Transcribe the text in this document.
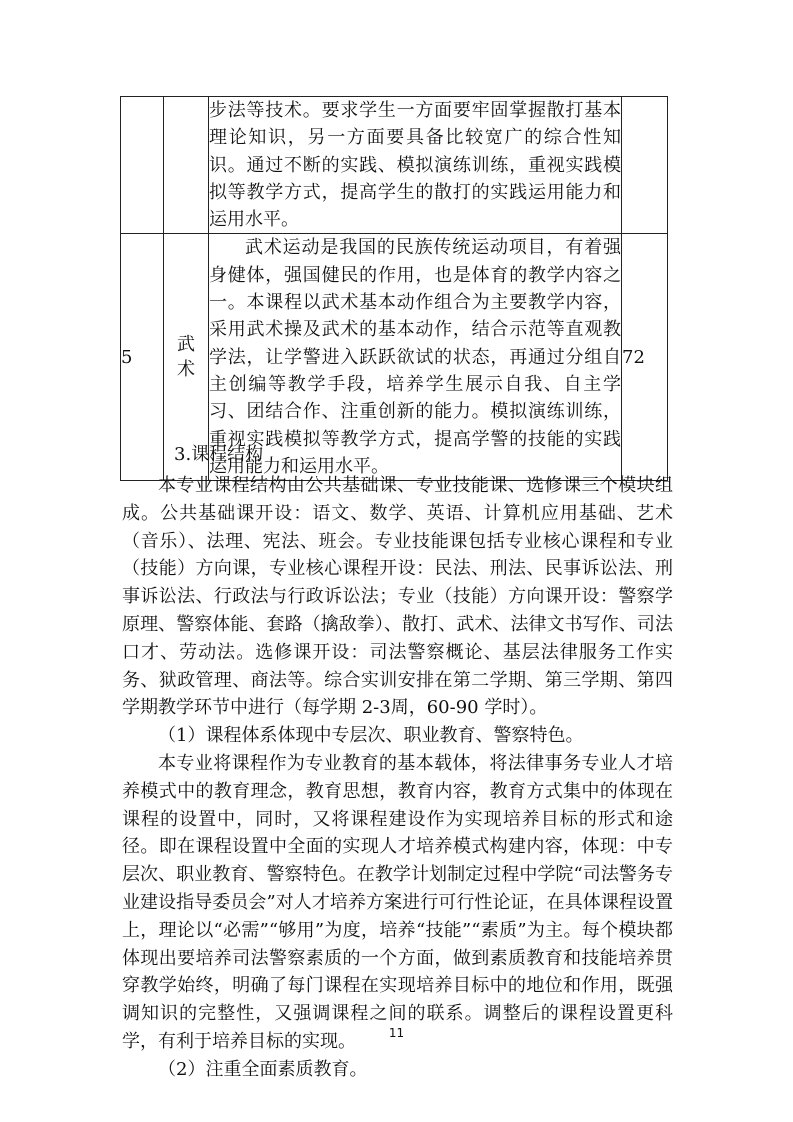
		步法等技术。要求学生一方面要牢固掌握散打基本理论知识，另一方面要具备比较宽广的综合性知识。通过不断的实践、模拟演练训练，重视实践模拟等教学方式，提高学生的散打的实践运用能力和运用水平。	

5	武术	武术运动是我国的民族传统运动项目，有着强身健体，强国健民的作用，也是体育的教学内容之一。本课程以武术基本动作组合为主要教学内容，采用武术操及武术的基本动作，结合示范等直观教学法，让学警进入跃跃欲试的状态，再通过分组自主创编等教学手段，培养学生展示自我、自主学习、团结合作、注重创新的能力。模拟演练训练，重视实践模拟等教学方式，提高学警的技能的实践运用能力和运用水平。	72
3.课程结构

本专业课程结构由公共基础课、专业技能课、选修课三个模块组成。公共基础课开设：语文、数学、英语、计算机应用基础、艺术（音乐）、法理、宪法、班会。专业技能课包括专业核心课程和专业（技能）方向课，专业核心课程开设：民法、刑法、民事诉讼法、刑事诉讼法、行政法与行政诉讼法；专业（技能）方向课开设：警察学原理、警察体能、套路（擒敌拳）、散打、武术、法律文书写作、司法口才、劳动法。选修课开设：司法警察概论、基层法律服务工作实务、狱政管理、商法等。综合实训安排在第二学期、第三学期、第四学期教学环节中进行（每学期 2-3周，60-90 学时）。

（1）课程体系体现中专层次、职业教育、警察特色。

本专业将课程作为专业教育的基本载体，将法律事务专业人才培养模式中的教育理念，教育思想，教育内容，教育方式集中的体现在课程的设置中，同时，又将课程建设作为实现培养目标的形式和途径。即在课程设置中全面的实现人才培养模式构建内容，体现：中专层次、职业教育、警察特色。在教学计划制定过程中学院“司法警务专业建设指导委员会”对人才培养方案进行可行性论证，在具体课程设置上，理论以“必需”“够用”为度，培养“技能”“素质”为主。每个模块都体现出要培养司法警察素质的一个方面，做到素质教育和技能培养贯穿教学始终，明确了每门课程在实现培养目标中的地位和作用，既强调知识的完整性，又强调课程之间的联系。调整后的课程设置更科学，有利于培养目标的实现。

（2）注重全面素质教育。

11
